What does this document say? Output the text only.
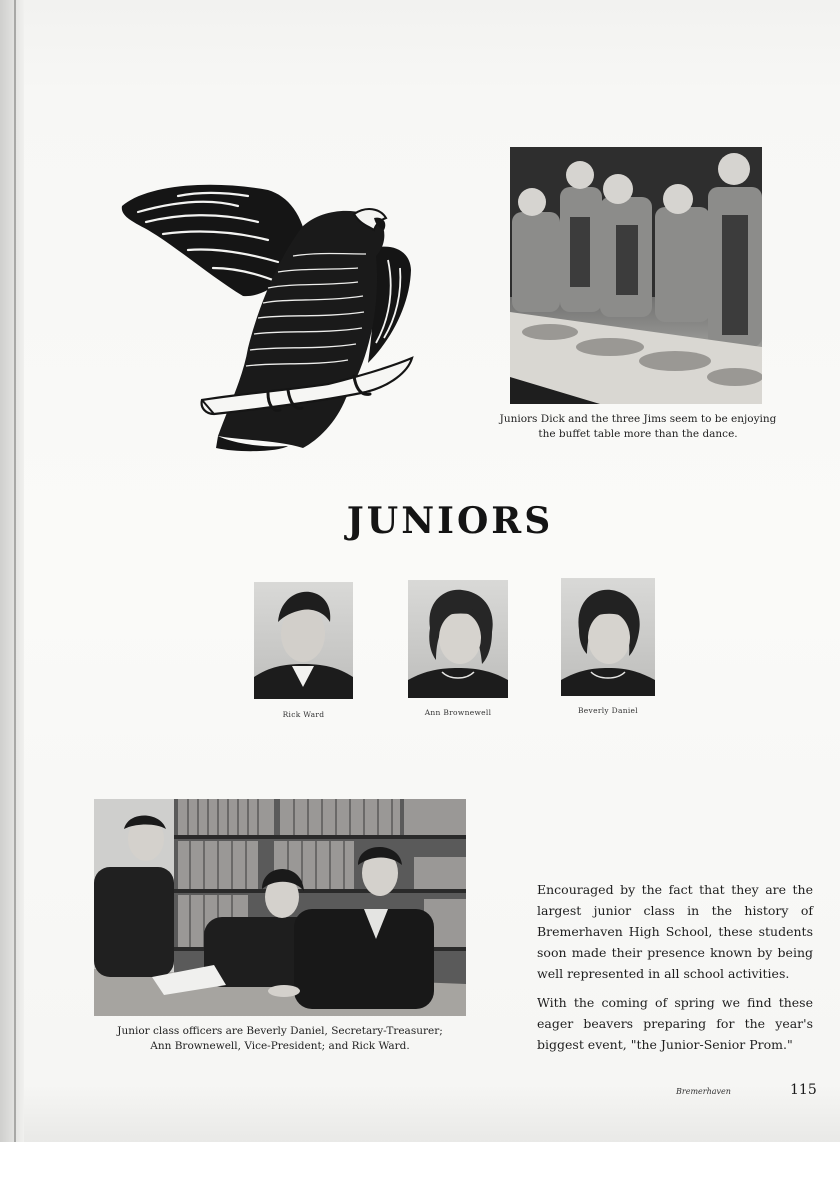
Juniors Dick and the three Jims seem to be enjoying
the buffet table more than the dance.
JUNIORS
Rick Ward	Ann Brownewell	Beverly Daniel
Junior class officers are Beverly Daniel, Secretary-Treasurer;
Ann Brownewell, Vice-President; and Rick Ward.

Encouraged by the fact that they are the largest junior class in the history of Bremerhaven High School, these students soon made their presence known by being well represented in all school activities.

With the coming of spring we find these eager beavers preparing for the year's biggest event, "the Junior-Senior Prom."

Bremerhaven	115
